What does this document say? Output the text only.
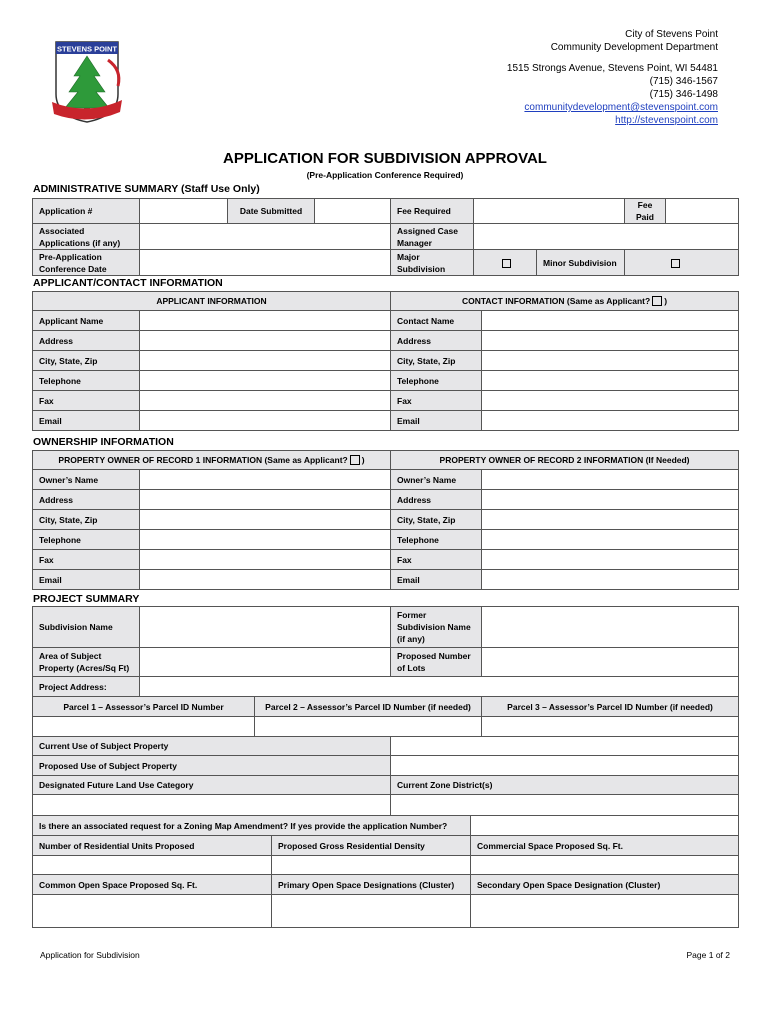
STEVENS POINT
City of Stevens Point
Community Development Department
1515 Strongs Avenue, Stevens Point, WI 54481
(715) 346-1567
(715) 346-1498
communitydevelopment@stevenspoint.com
http://stevenspoint.com
APPLICATION FOR SUBDIVISION APPROVAL
(Pre-Application Conference Required)
ADMINISTRATIVE SUMMARY (Staff Use Only)
Application #		Date Submitted		Fee Required			Fee Paid	
Associated Applications (if any)				Assigned Case Manager				
Pre-Application Conference Date				Major Subdivision		Minor Subdivision		
APPLICANT/CONTACT INFORMATION
APPLICANT INFORMATION		CONTACT INFORMATION (Same as Applicant? )	
Applicant Name		Contact Name	
Address		Address	
City, State, Zip		City, State, Zip	
Telephone		Telephone	
Fax		Fax	
Email		Email	
OWNERSHIP INFORMATION
PROPERTY OWNER OF RECORD 1 INFORMATION (Same as Applicant? )		PROPERTY OWNER OF RECORD 2 INFORMATION (If Needed)	
Owner’s Name		Owner’s Name	
Address		Address	
City, State, Zip		City, State, Zip	
Telephone		Telephone	
Fax		Fax	
Email		Email	
PROJECT SUMMARY
Subdivision Name			Former Subdivision Name (if any)	
Area of Subject Property (Acres/Sq Ft)			Proposed Number of Lots	
Project Address:				
Parcel 1 – Assessor’s Parcel ID Number		Parcel 2 – Assessor’s Parcel ID Number (if needed)		Parcel 3 – Assessor’s Parcel ID Number (if needed)

Current Use of Subject Property				
Proposed Use of Subject Property				
Designated Future Land Use Category			Current Zone District(s)	

Is there an associated request for a Zoning Map Amendment? If yes provide the application Number?		
Number of Residential Units Proposed	Proposed Gross Residential Density	Commercial Space Proposed Sq. Ft.

Common Open Space Proposed Sq. Ft.	Primary Open Space Designations (Cluster)	Secondary Open Space Designation (Cluster)

Application for Subdivision	Page 1 of 2
